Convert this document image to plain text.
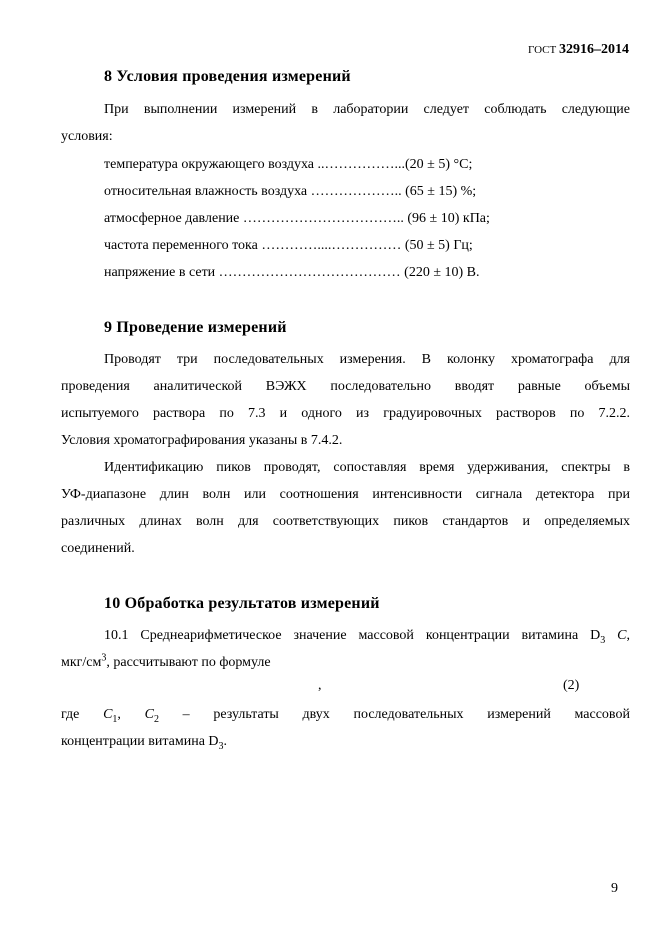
ГОСТ 32916–2014
8 Условия проведения измерений
При выполнении измерений в лаборатории следует соблюдать следующие
условия:
температура окружающего воздуха ..……………...(20 ± 5) °С;
относительная влажность воздуха ……………….. (65 ± 15) %;
атмосферное давление …………………………….. (96 ± 10) кПа;
частота переменного тока …………....…………… (50 ± 5) Гц;
напряжение в сети ………………………………… (220 ± 10) В.
9 Проведение измерений
Проводят три последовательных измерения. В колонку хроматографа для
проведения аналитической ВЭЖХ последовательно вводят равные объемы
испытуемого раствора по 7.3 и одного из градуировочных растворов по 7.2.2.
Условия хроматографирования указаны в 7.4.2.
Идентификацию пиков проводят, сопоставляя время удерживания, спектры в
УФ-диапазоне длин волн или соотношения интенсивности сигнала детектора при
различных длинах волн для соответствующих пиков стандартов и определяемых
соединений.
10 Обработка результатов измерений
10.1 Среднеарифметическое значение массовой концентрации витамина $D_3$ C,
мкг/$см^3$, рассчитывают по формуле
,	(2)
где $C_1$, $C_2$ – результаты двух последовательных измерений массовой
концентрации витамина $D_3$.
9
